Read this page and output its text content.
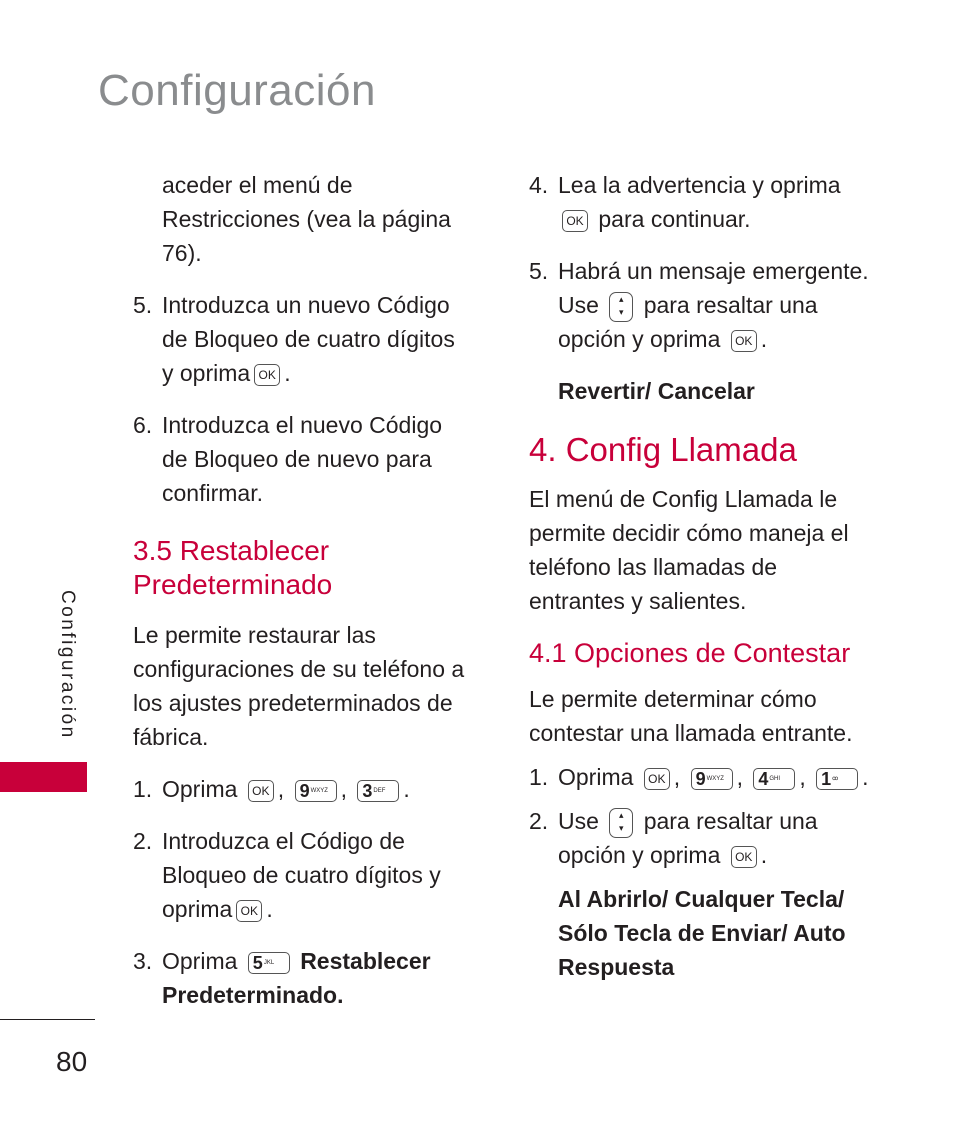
Configuración
Configuración

aceder el menú de

Restricciones (vea la página

76).

5. Introduzca un nuevo Código

de Bloqueo de cuatro dígitos

y oprima OK .

6. Introduzca el nuevo Código

de Bloqueo de nuevo para

confirmar.

3.5 Restablecer

Predeterminado

Le permite restaurar las

configuraciones de su teléfono a

los ajustes predeterminados de

fábrica.

1. Oprima OK , $9^{WXYZ}$ , $3^{DEF}$ .

2. Introduzca el Código de

Bloqueo de cuatro dígitos y

oprima OK .

3. Oprima $5^{JKL}$ Restablecer

Predeterminado.

4. Lea la advertencia y oprima

OK para continuar.

5. Habrá un mensaje emergente.

Use ▴
▾ para resaltar una

opción y oprima OK .

Revertir/ Cancelar

4. Config Llamada

El menú de Config Llamada le

permite decidir cómo maneja el

teléfono las llamadas de

entrantes y salientes.

4.1 Opciones de Contestar

Le permite determinar cómo

contestar una llamada entrante.

1. Oprima OK , $9^{WXYZ}$ , $4^{GHI}$ , $1^ꝏ$ .

2. Use ▴
▾ para resaltar una

opción y oprima OK .

Al Abrirlo/ Cualquer Tecla/

Sólo Tecla de Enviar/ Auto

Respuesta

80
